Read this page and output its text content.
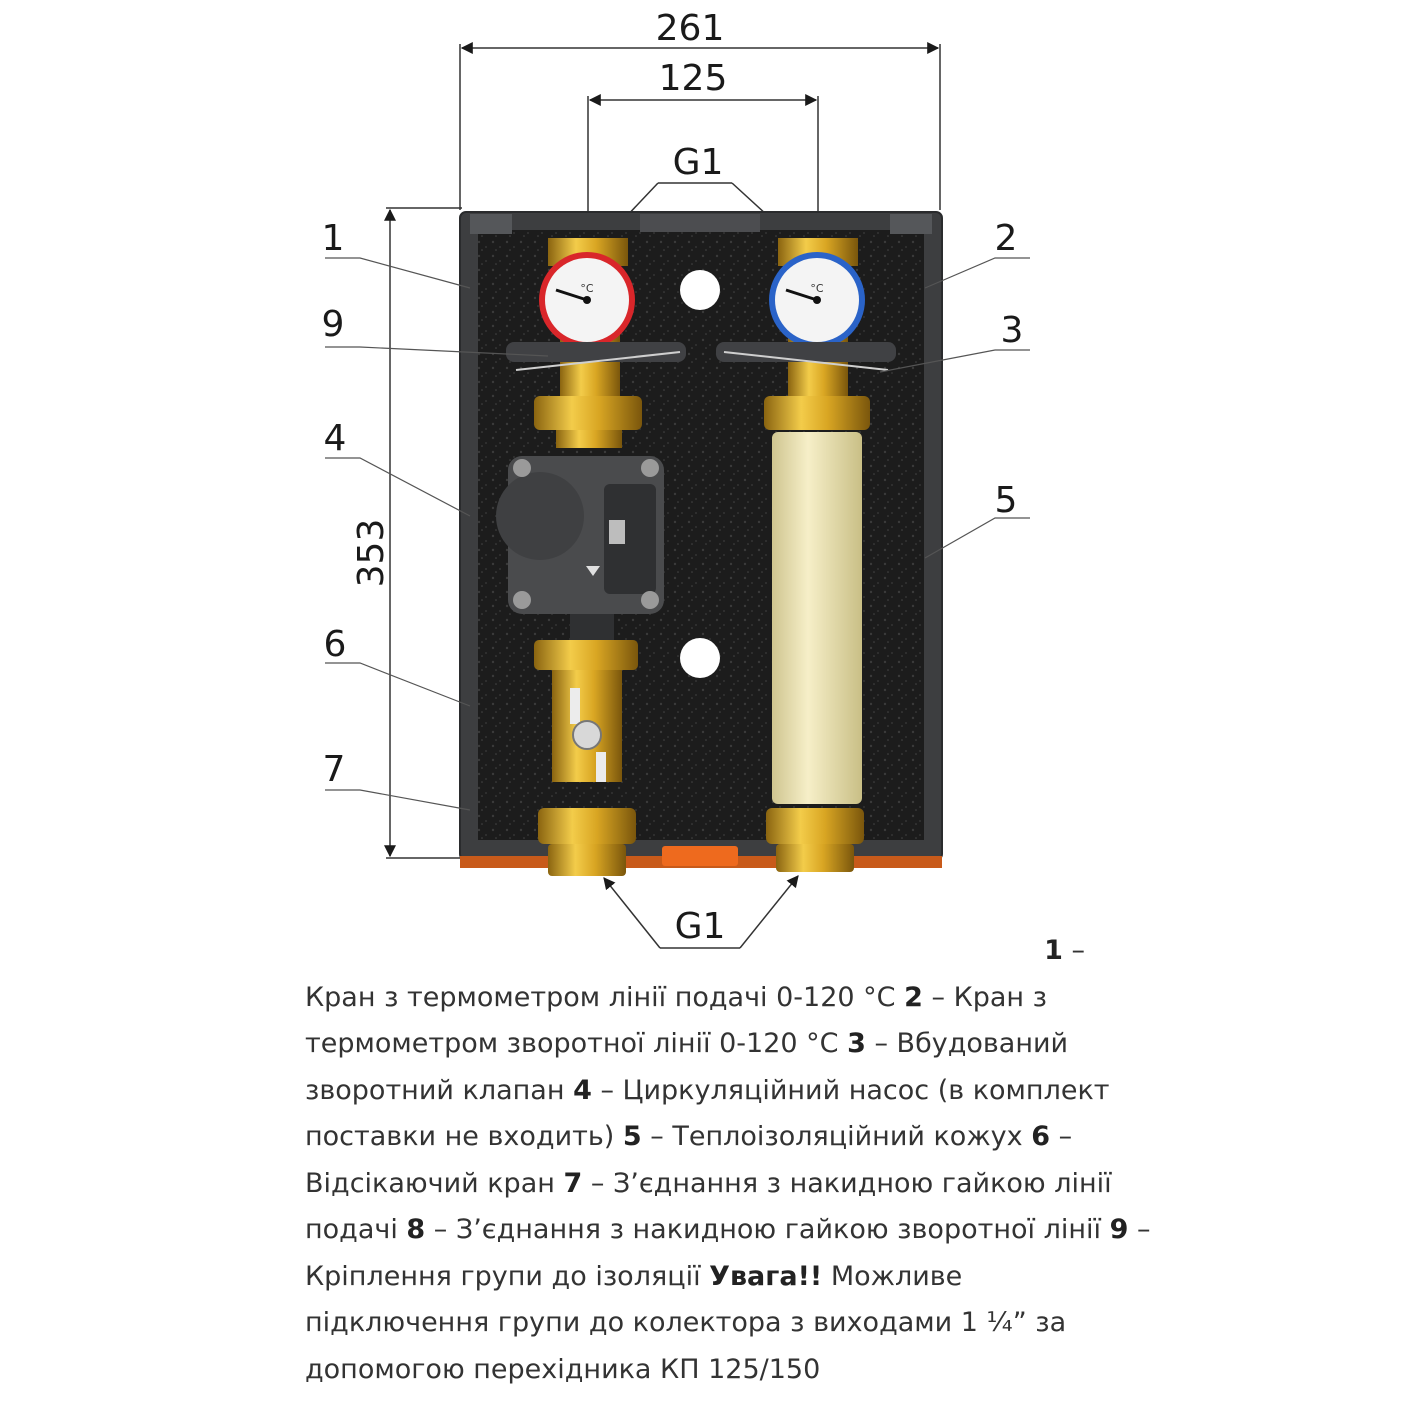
261
125
G1
353
°C	°C
G1
1	2
3
4
5
6
7
9
1 –
Кран з термометром лінії подачі 0-120 °C 2 – Кран з термометром зворотної лінії 0-120 °C 3 – Вбудований зворотний клапан 4 – Циркуляційний насос (в комплект поставки не входить) 5 – Теплоізоляційний кожух 6 – Відсікаючий кран 7 – З’єднання з накидною гайкою лінії подачі 8 – З’єднання з накидною гайкою зворотної лінії 9 – Кріплення групи до ізоляції Увага!! Можливе підключення групи до колектора з виходами 1 ¼” за допомогою перехідника КП 125/150
